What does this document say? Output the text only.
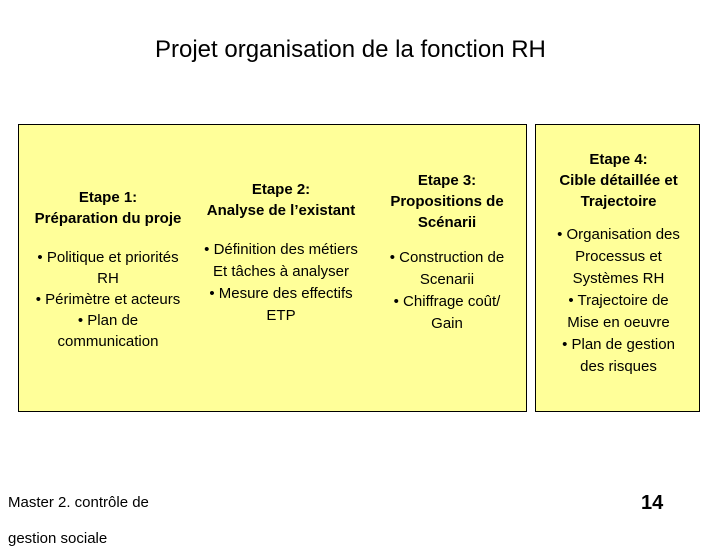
Projet organisation de la fonction RH
Etape 1:
Préparation du proje
• Politique et priorités
RH
• Périmètre et acteurs
• Plan de
communication
Etape 2:
Analyse de l’existant
• Définition des métiers
Et tâches à analyser
• Mesure des effectifs
ETP
Etape 3:
Propositions de
Scénarii
• Construction de
Scenarii
• Chiffrage coût/
Gain
Etape 4:
Cible détaillée et
Trajectoire
• Organisation des
Processus et
Systèmes RH
• Trajectoire de
Mise en oeuvre
• Plan de gestion
des risques
Master 2. contrôle de
gestion sociale
14
